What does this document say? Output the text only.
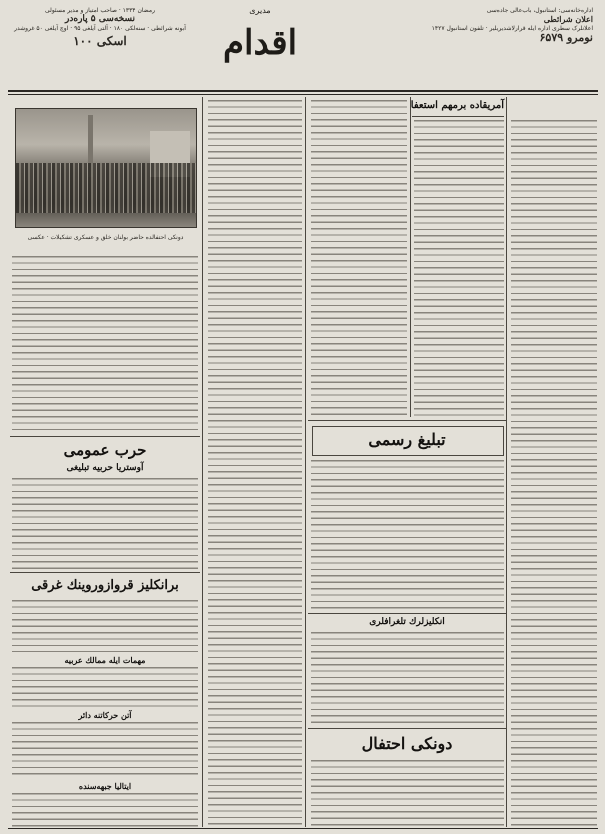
رمضان ۱۳۳۴ · صاحب امتیاز و مدیر مسئولی
نسخه‌سی ۵ پاره‌در
آبونه شرائطی · سنه‌لکی ۱۸۰ · آلتی آیلغی ۹۵ · اوچ آیلغی ۵۰ غروشدر
اسکی ۱۰۰
مدیری
اقدام
اداره‌خانه‌سی: استانبول، باب‌عالی جاده‌سی
اعلان شرائطی
اعلانلرک سطری اداره ایله قرارلاشدیریلیر · تلفون استانبول ۱۴۲۷
نومرو ۶۵۷۹
دونکی احتفالده حاضر بولنان خلق و عسکری تشکیلات · عکسی
حرب عمومی
آوستریا حربیه تبلیغی
برانکلیز قروازوروینك غرقی
مهمات ایله ممالك عربیه
آتن حرکاتنه دائر
ایتالیا جبهه‌سنده
آمریقاده برمهم استعفا
تبلیغ رسمی
انکلیزلرك تلغرافلری
دونکی احتفال
